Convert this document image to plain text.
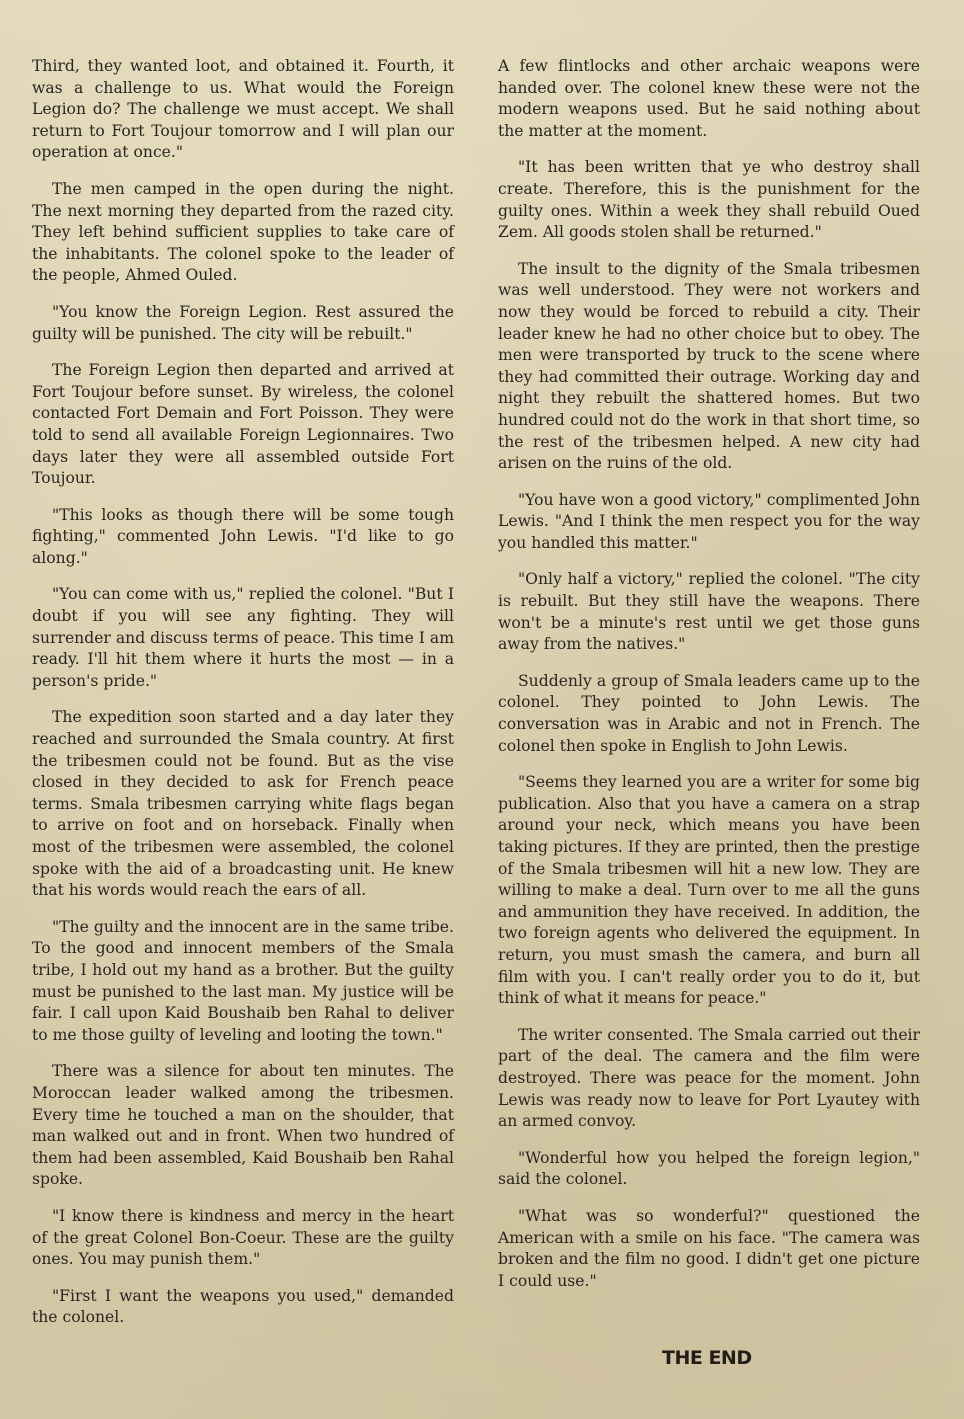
Third, they wanted loot, and obtained it. Fourth, it was a challenge to us. What would the Foreign Legion do? The challenge we must accept. We shall return to Fort Toujour tomorrow and I will plan our operation at once."

The men camped in the open during the night. The next morning they departed from the razed city. They left behind sufficient supplies to take care of the inhabitants. The colonel spoke to the leader of the people, Ahmed Ouled.

"You know the Foreign Legion. Rest assured the guilty will be punished. The city will be rebuilt."

The Foreign Legion then departed and arrived at Fort Toujour before sunset. By wireless, the colonel contacted Fort Demain and Fort Poisson. They were told to send all available Foreign Legionnaires. Two days later they were all assembled outside Fort Toujour.

"This looks as though there will be some tough fighting," commented John Lewis. "I'd like to go along."

"You can come with us," replied the colonel. "But I doubt if you will see any fighting. They will surrender and discuss terms of peace. This time I am ready. I'll hit them where it hurts the most — in a person's pride."

The expedition soon started and a day later they reached and surrounded the Smala country. At first the tribesmen could not be found. But as the vise closed in they decided to ask for French peace terms. Smala tribesmen carrying white flags began to arrive on foot and on horseback. Finally when most of the tribesmen were assembled, the colonel spoke with the aid of a broadcasting unit. He knew that his words would reach the ears of all.

"The guilty and the innocent are in the same tribe. To the good and innocent members of the Smala tribe, I hold out my hand as a brother. But the guilty must be punished to the last man. My justice will be fair. I call upon Kaid Boushaib ben Rahal to deliver to me those guilty of leveling and looting the town."

There was a silence for about ten minutes. The Moroccan leader walked among the tribesmen. Every time he touched a man on the shoulder, that man walked out and in front. When two hundred of them had been assembled, Kaid Boushaib ben Rahal spoke.

"I know there is kindness and mercy in the heart of the great Colonel Bon-Coeur. These are the guilty ones. You may punish them."

"First I want the weapons you used," demanded the colonel.

A few flintlocks and other archaic weapons were handed over. The colonel knew these were not the modern weapons used. But he said nothing about the matter at the moment.

"It has been written that ye who destroy shall create. Therefore, this is the punishment for the guilty ones. Within a week they shall rebuild Oued Zem. All goods stolen shall be returned."

The insult to the dignity of the Smala tribesmen was well understood. They were not workers and now they would be forced to rebuild a city. Their leader knew he had no other choice but to obey. The men were transported by truck to the scene where they had committed their outrage. Working day and night they rebuilt the shattered homes. But two hundred could not do the work in that short time, so the rest of the tribesmen helped. A new city had arisen on the ruins of the old.

"You have won a good victory," complimented John Lewis. "And I think the men respect you for the way you handled this matter."

"Only half a victory," replied the colonel. "The city is rebuilt. But they still have the weapons. There won't be a minute's rest until we get those guns away from the natives."

Suddenly a group of Smala leaders came up to the colonel. They pointed to John Lewis. The conversation was in Arabic and not in French. The colonel then spoke in English to John Lewis.

"Seems they learned you are a writer for some big publication. Also that you have a camera on a strap around your neck, which means you have been taking pictures. If they are printed, then the prestige of the Smala tribesmen will hit a new low. They are willing to make a deal. Turn over to me all the guns and ammunition they have received. In addition, the two foreign agents who delivered the equipment. In return, you must smash the camera, and burn all film with you. I can't really order you to do it, but think of what it means for peace."

The writer consented. The Smala carried out their part of the deal. The camera and the film were destroyed. There was peace for the moment. John Lewis was ready now to leave for Port Lyautey with an armed convoy.

"Wonderful how you helped the foreign legion," said the colonel.

"What was so wonderful?" questioned the American with a smile on his face. "The camera was broken and the film no good. I didn't get one picture I could use."

THE END
